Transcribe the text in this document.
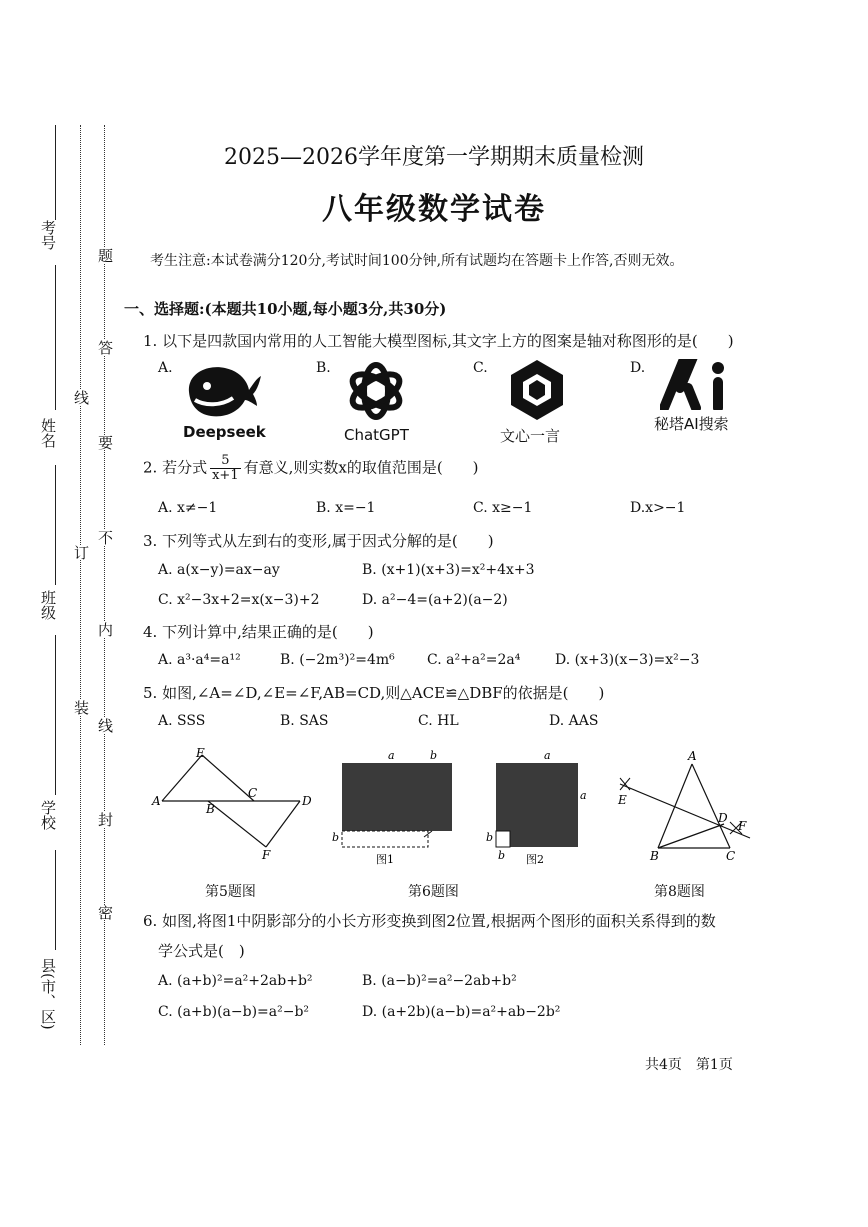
考号
姓名
班级
学校
县(市、区)
线
订
装
题
答
要
不
内
线
封
密
2025—2026学年度第一学期期末质量检测
八年级数学试卷
考生注意:本试卷满分120分,考试时间100分钟,所有试题均在答题卡上作答,否则无效。
一、选择题:(本题共10小题,每小题3分,共30分)
1. 以下是四款国内常用的人工智能大模型图标,其文字上方的图案是轴对称图形的是(　　)
A.
Deepseek
B.
ChatGPT
C.
文心一言
D.
秘塔AI搜索
2. 若分式 $\frac{5}{x+1}$ 有意义,则实数x的取值范围是(　　)
A. x≠−1	B. x=−1	C. x≥−1	D.x>−1
3. 下列等式从左到右的变形,属于因式分解的是(　　)
A. a(x−y)=ax−ay	B. (x+1)(x+3)=x²+4x+3
C. x²−3x+2=x(x−3)+2	D. a²−4=(a+2)(a−2)
4. 下列计算中,结果正确的是(　　)
A. a³·a⁴=a¹²	B. (−2m³)²=4m⁶ C. a²+a²=2a⁴ D. (x+3)(x−3)=x²−3
5. 如图,∠A=∠D,∠E=∠F,AB=CD,则△ACE≌△DBF的依据是(　　)
A. SSS	B. SAS	C. HL	D. AAS
E
A
B
C
D
F
a	b
b
图1
a
a
b
b 图2
A
E
D
F
B	C
第5题图	第6题图	第8题图
6. 如图,将图1中阴影部分的小长方形变换到图2位置,根据两个图形的面积关系得到的数
学公式是(　)
A. (a+b)²=a²+2ab+b²	B. (a−b)²=a²−2ab+b²
C. (a+b)(a−b)=a²−b²	D. (a+2b)(a−b)=a²+ab−2b²
共4页　第1页
